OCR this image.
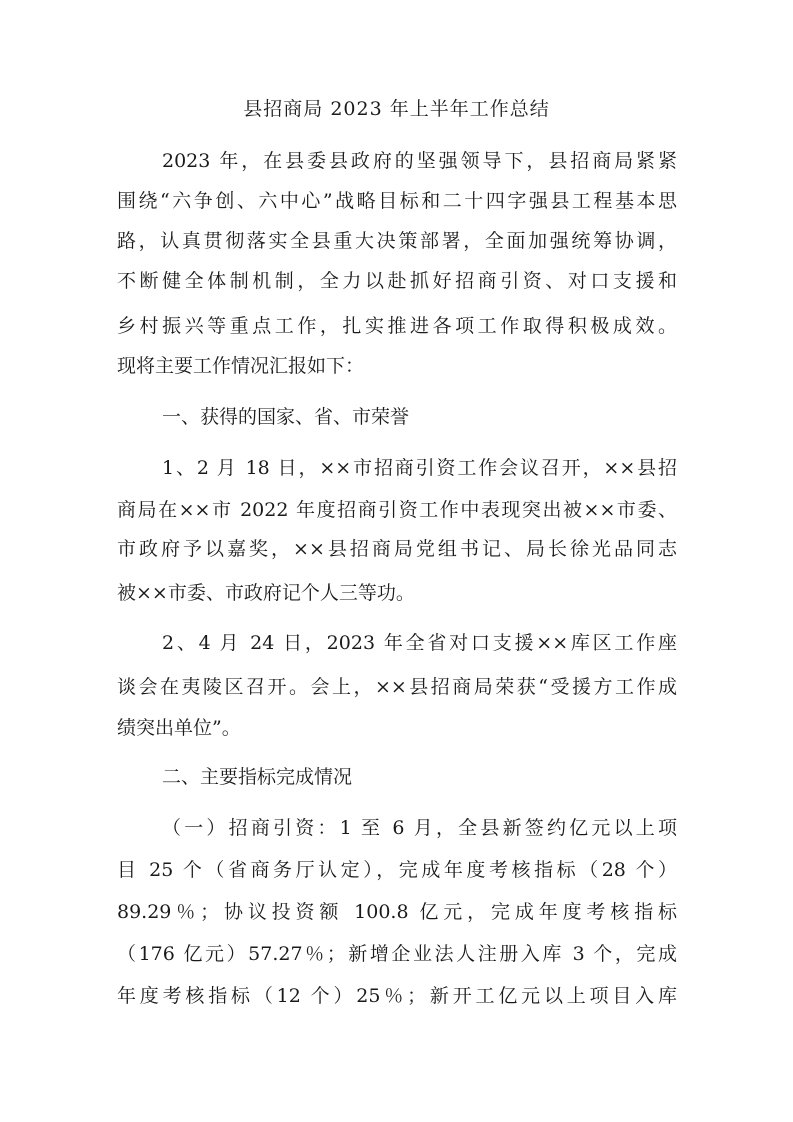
县招商局 2023 年上半年工作总结
2023 年，在县委县政府的坚强领导下，县招商局紧紧
围绕“六争创、六中心”战略目标和二十四字强县工程基本思
路，认真贯彻落实全县重大决策部署，全面加强统筹协调，
不断健全体制机制，全力以赴抓好招商引资、对口支援和
乡村振兴等重点工作，扎实推进各项工作取得积极成效。
现将主要工作情况汇报如下：
一、获得的国家、省、市荣誉
1、2 月 18 日，××市招商引资工作会议召开，××县招
商局在××市 2022 年度招商引资工作中表现突出被××市委、
市政府予以嘉奖，××县招商局党组书记、局长徐光品同志
被××市委、市政府记个人三等功。
2、4 月 24 日，2023 年全省对口支援××库区工作座
谈会在夷陵区召开。会上，××县招商局荣获“受援方工作成
绩突出单位”。
二、主要指标完成情况
（一）招商引资：1 至 6 月，全县新签约亿元以上项
目 25 个（省商务厅认定），完成年度考核指标（28 个）
89.29％；协议投资额 100.8 亿元，完成年度考核指标
（176 亿元）57.27％；新增企业法人注册入库 3 个，完成
年度考核指标（12 个）25％；新开工亿元以上项目入库
